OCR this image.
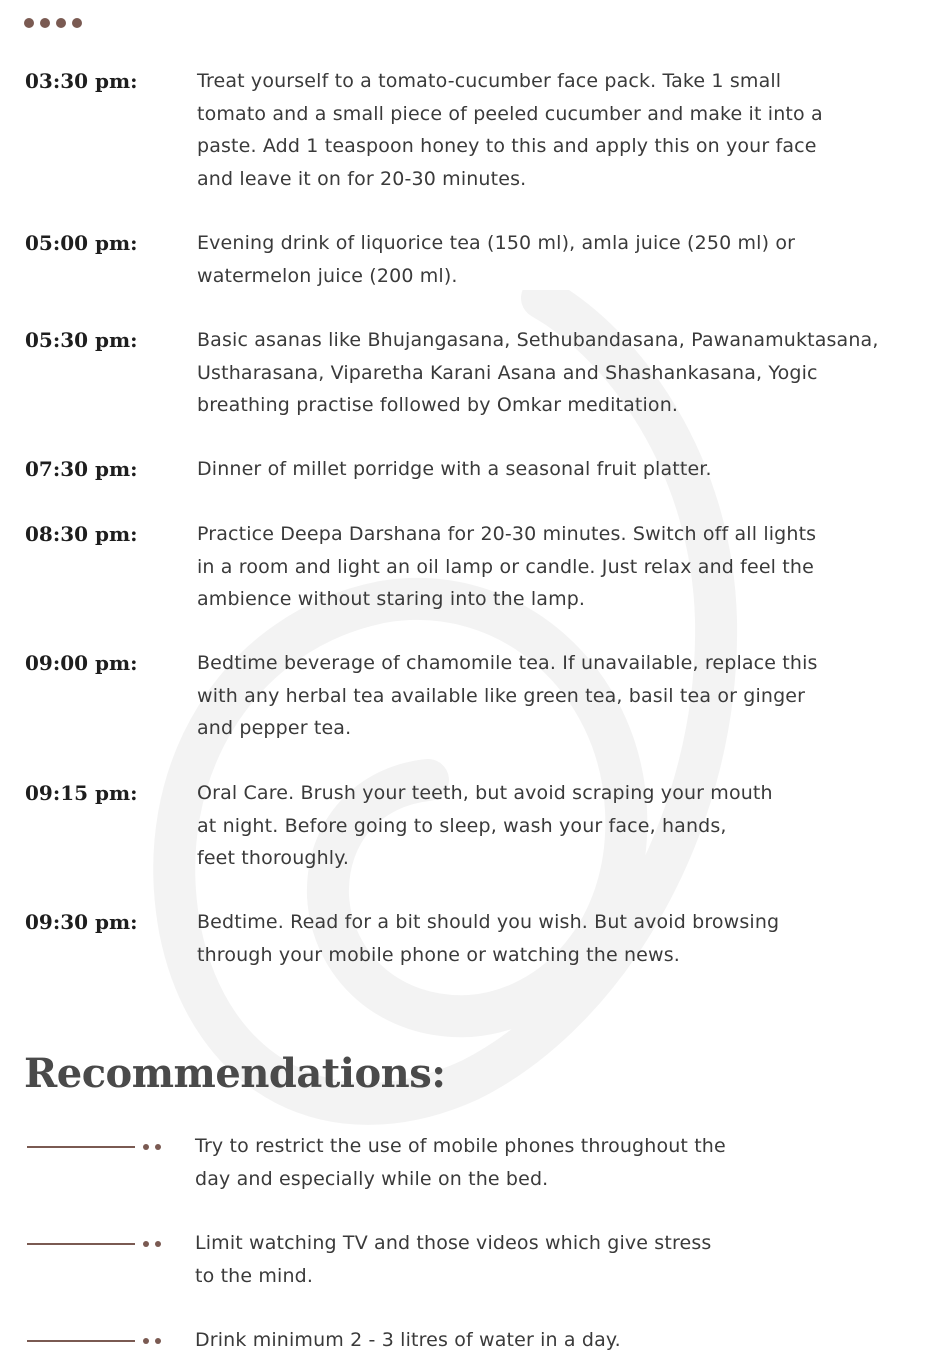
03:30 pm:	Treat yourself to a tomato-cucumber face pack. Take 1 small
tomato and a small piece of peeled cucumber and make it into a
paste. Add 1 teaspoon honey to this and apply this on your face
and leave it on for 20-30 minutes.

05:00 pm:	Evening drink of liquorice tea (150 ml), amla juice (250 ml) or
watermelon juice (200 ml).

05:30 pm:	Basic asanas like Bhujangasana, Sethubandasana, Pawanamuktasana,
Ustharasana, Viparetha Karani Asana and Shashankasana, Yogic
breathing practise followed by Omkar meditation.

07:30 pm:	Dinner of millet porridge with a seasonal fruit platter.

08:30 pm:	Practice Deepa Darshana for 20-30 minutes. Switch off all lights
in a room and light an oil lamp or candle. Just relax and feel the
ambience without staring into the lamp.

09:00 pm:	Bedtime beverage of chamomile tea. If unavailable, replace this
with any herbal tea available like green tea, basil tea or ginger
and pepper tea.

09:15 pm:	Oral Care. Brush your teeth, but avoid scraping your mouth
at night. Before going to sleep, wash your face, hands,
feet thoroughly.

09:30 pm:	Bedtime. Read for a bit should you wish. But avoid browsing
through your mobile phone or watching the news.

Recommendations:
Try to restrict the use of mobile phones throughout the
day and especially while on the bed.
Limit watching TV and those videos which give stress
to the mind.
Drink minimum 2 - 3 litres of water in a day.
